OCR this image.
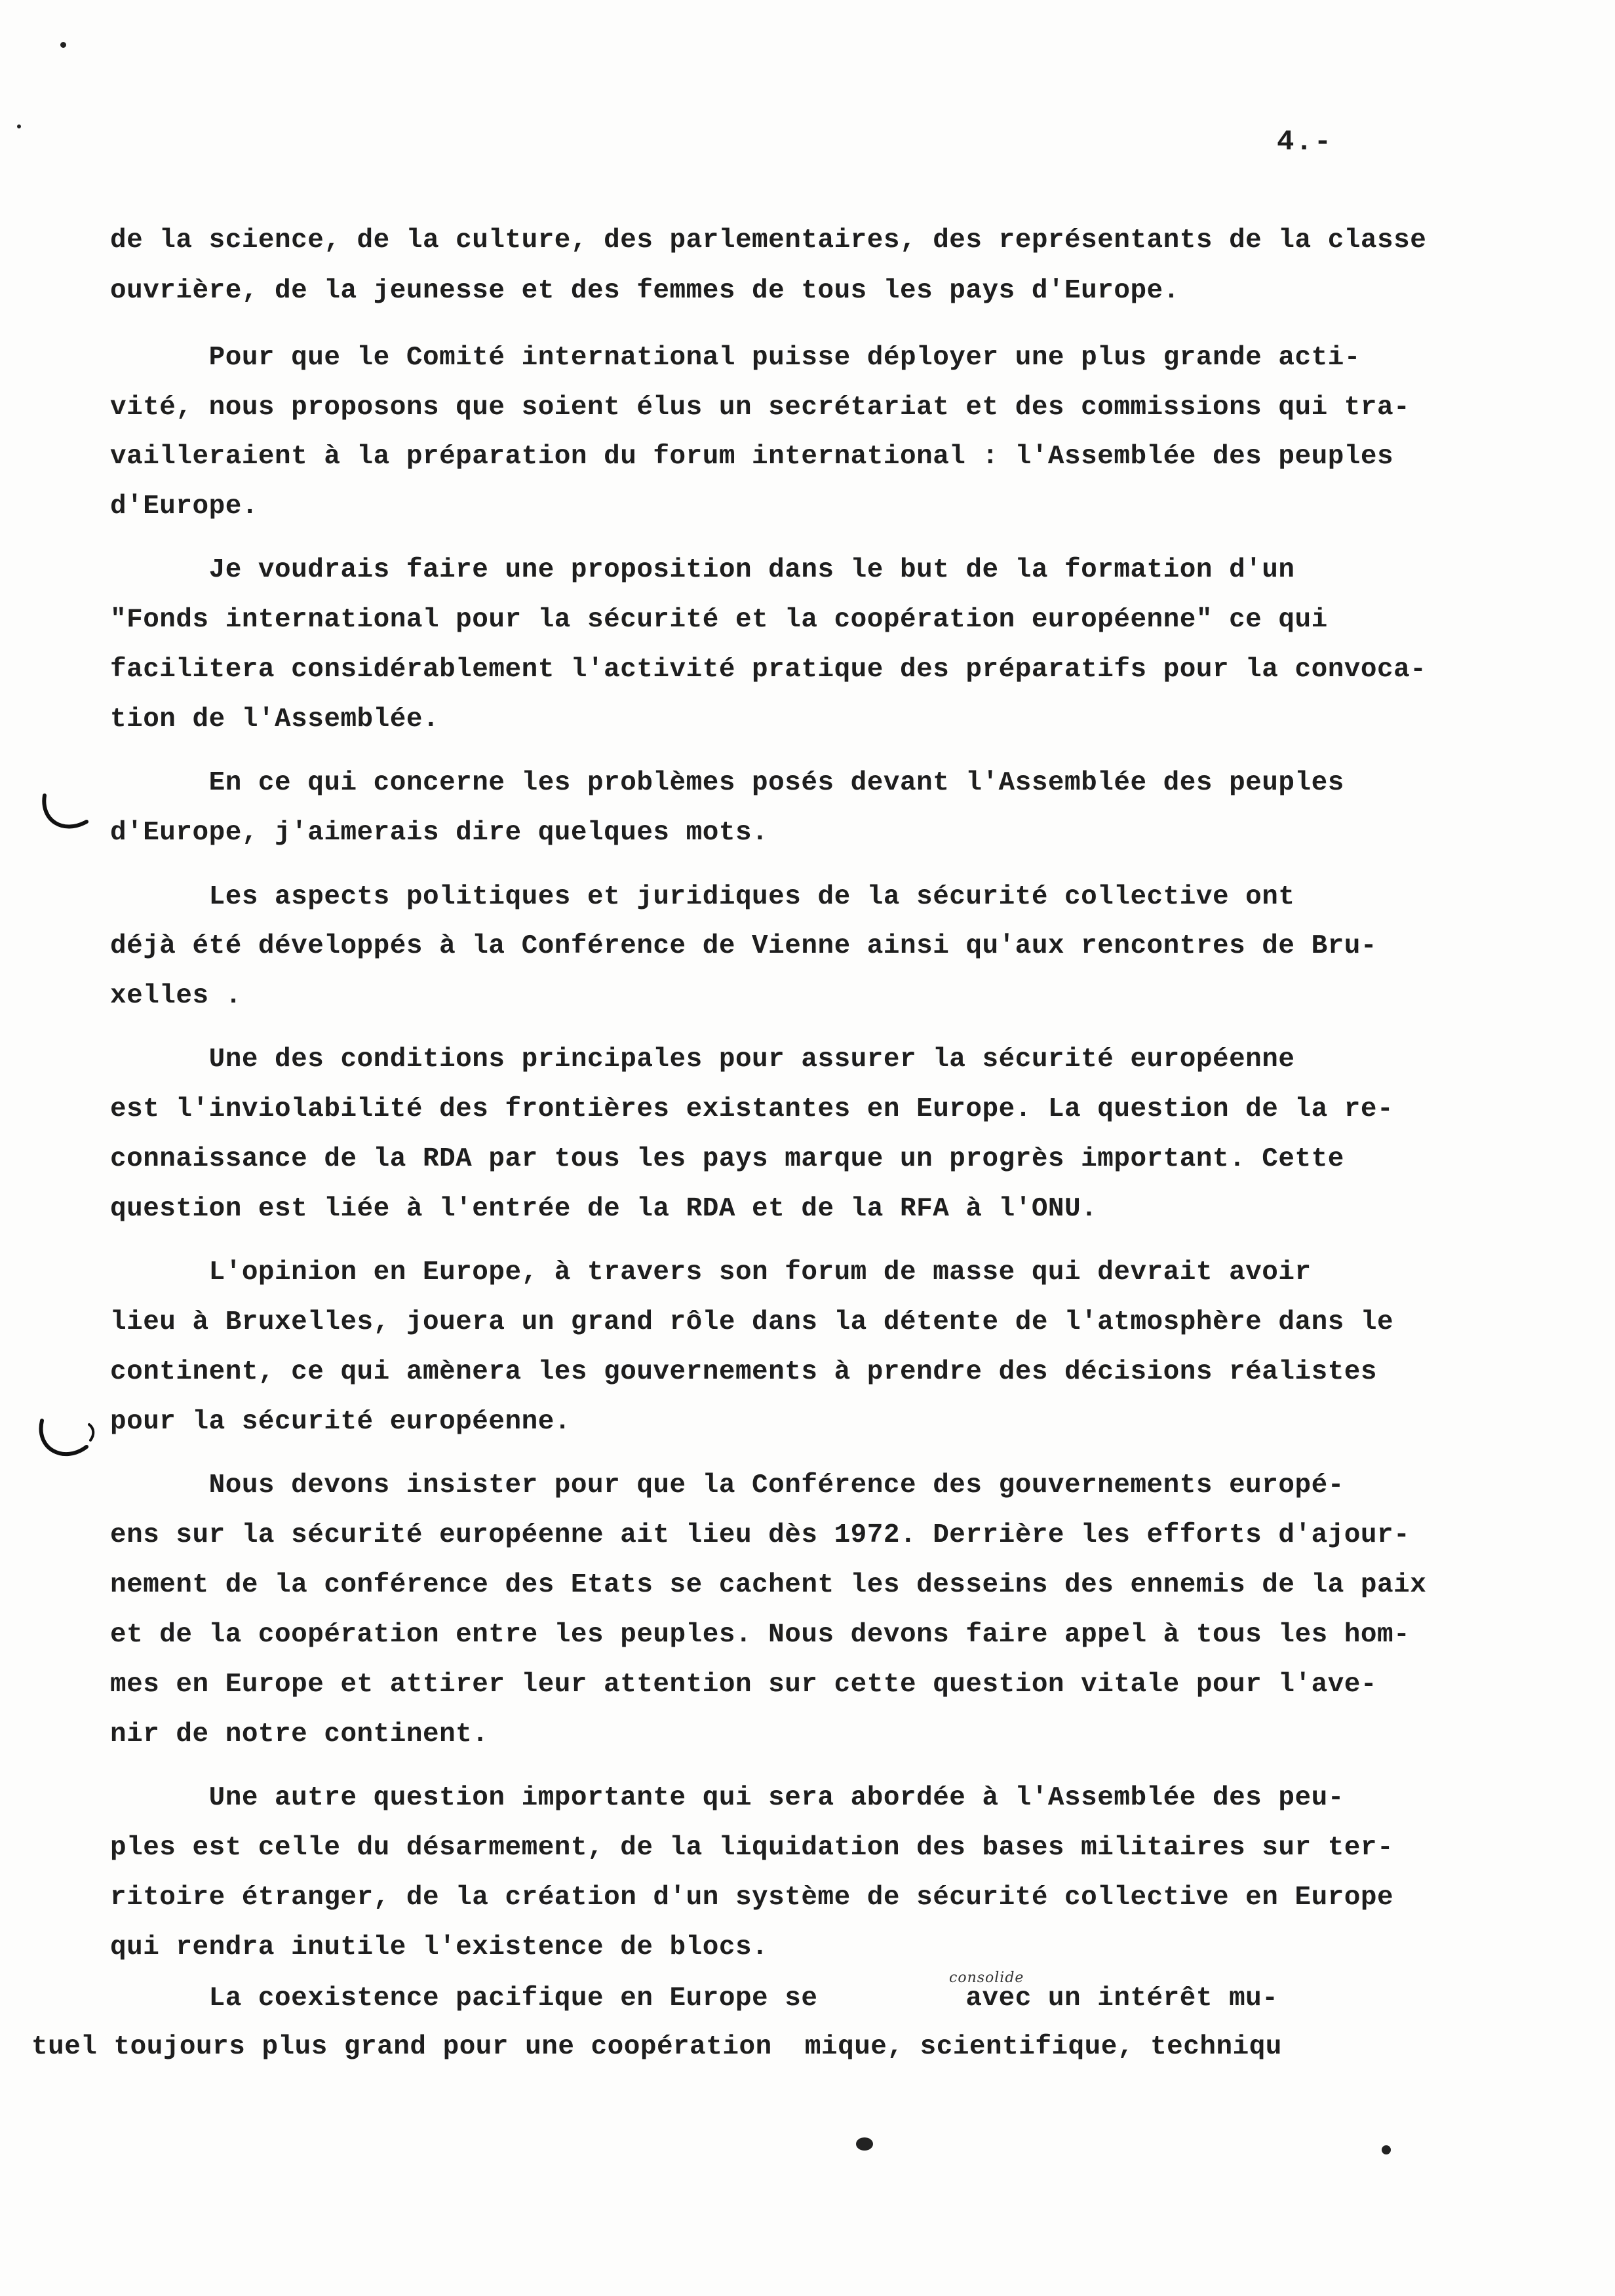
4.-
de la science, de la culture, des parlementaires, des représentants de la classe
ouvrière, de la jeunesse et des femmes de tous les pays d'Europe.
Pour que le Comité international puisse déployer une plus grande acti-
vité, nous proposons que soient élus un secrétariat et des commissions qui tra-
vailleraient à la préparation du forum international : l'Assemblée des peuples
d'Europe.
Je voudrais faire une proposition dans le but de la formation d'un
"Fonds international pour la sécurité et la coopération européenne" ce qui
facilitera considérablement l'activité pratique des préparatifs pour la convoca-
tion de l'Assemblée.
En ce qui concerne les problèmes posés devant l'Assemblée des peuples
d'Europe, j'aimerais dire quelques mots.
Les aspects politiques et juridiques de la sécurité collective ont
déjà été développés à la Conférence de Vienne ainsi qu'aux rencontres de Bru-
xelles .
Une des conditions principales pour assurer la sécurité européenne
est l'inviolabilité des frontières existantes en Europe. La question de la re-
connaissance de la RDA par tous les pays marque un progrès important. Cette
question est liée à l'entrée de la RDA et de la RFA à l'ONU.
L'opinion en Europe, à travers son forum de masse qui devrait avoir
lieu à Bruxelles, jouera un grand rôle dans la détente de l'atmosphère dans le
continent, ce qui amènera les gouvernements à prendre des décisions réalistes
pour la sécurité européenne.
Nous devons insister pour que la Conférence des gouvernements europé-
ens sur la sécurité européenne ait lieu dès 1972. Derrière les efforts d'ajour-
nement de la conférence des Etats se cachent les desseins des ennemis de la paix
et de la coopération entre les peuples. Nous devons faire appel à tous les hom-
mes en Europe et attirer leur attention sur cette question vitale pour l'ave-
nir de notre continent.
Une autre question importante qui sera abordée à l'Assemblée des peu-
ples est celle du désarmement, de la liquidation des bases militaires sur ter-
ritoire étranger, de la création d'un système de sécurité collective en Europe
qui rendra inutile l'existence de blocs.
La coexistence pacifique en Europe se         avec un intérêt mu-
tuel toujours plus grand pour une coopération  mique, scientifique, techniqu
consolide
